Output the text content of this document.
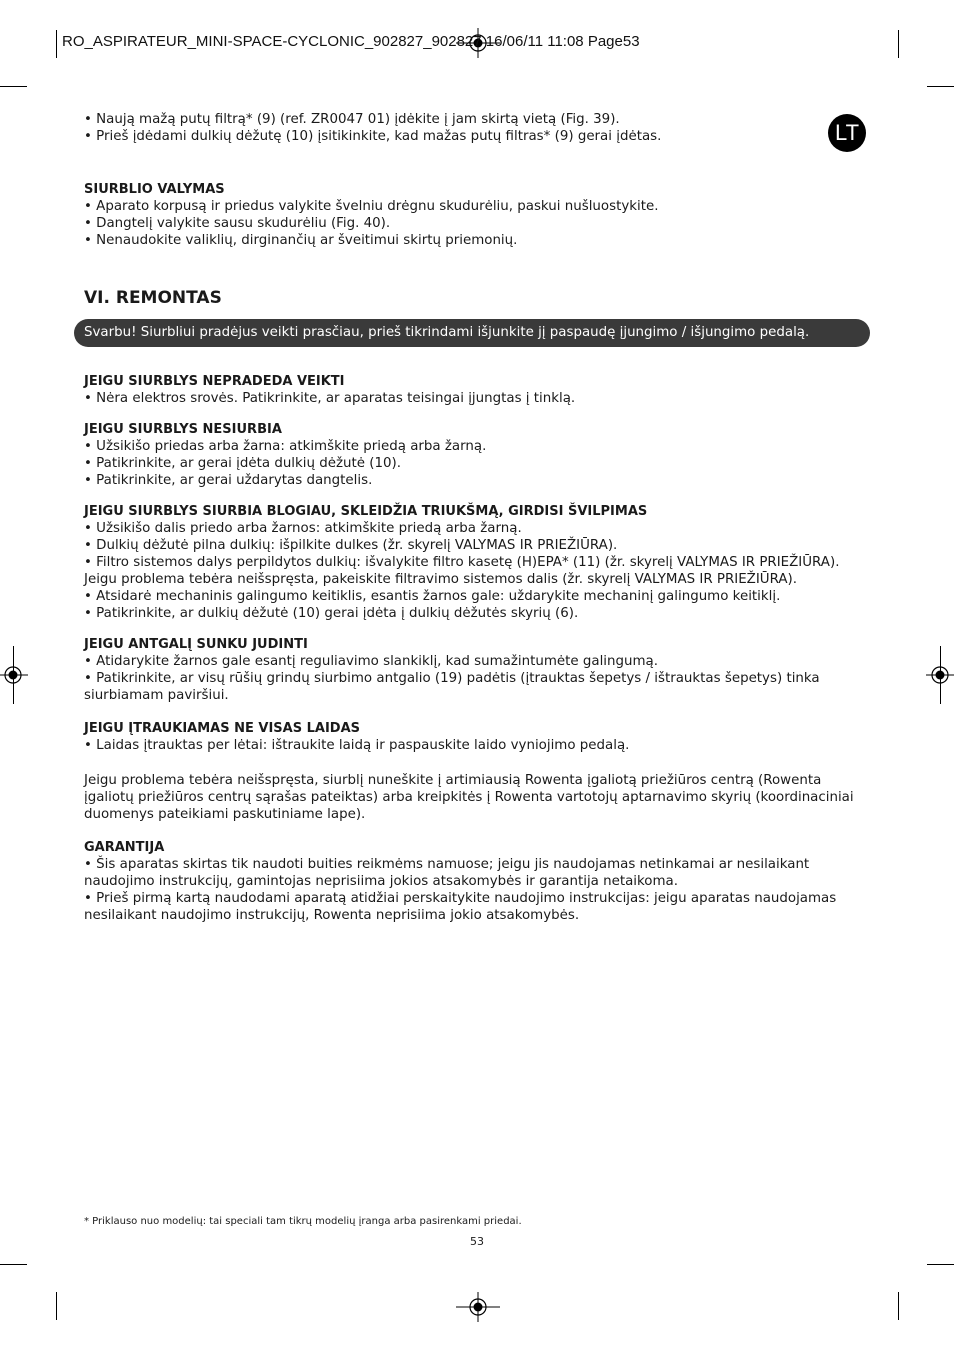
RO_ASPIRATEUR_MINI-SPACE-CYCLONIC_902827_902827 16/06/11 11:08 Page53
LT

• Naują mažą putų filtrą* (9) (ref. ZR0047 01) įdėkite į jam skirtą vietą (Fig. 39).

• Prieš įdėdami dulkių dėžutę (10) įsitikinkite, kad mažas putų filtras* (9) gerai įdėtas.

SIURBLIO VALYMAS

• Aparato korpusą ir priedus valykite švelniu drėgnu skudurėliu, paskui nušluostykite.

• Dangtelį valykite sausu skudurėliu (Fig. 40).

• Nenaudokite valiklių, dirginančių ar šveitimui skirtų priemonių.

VI. REMONTAS

Svarbu! Siurbliui pradėjus veikti prasčiau, prieš tikrindami išjunkite jį paspaudę įjungimo / išjungimo pedalą.

JEIGU SIURBLYS NEPRADEDA VEIKTI

• Nėra elektros srovės. Patikrinkite, ar aparatas teisingai įjungtas į tinklą.

JEIGU SIURBLYS NESIURBIA

• Užsikišo priedas arba žarna: atkimškite priedą arba žarną.

• Patikrinkite, ar gerai įdėta dulkių dėžutė (10).

• Patikrinkite, ar gerai uždarytas dangtelis.

JEIGU SIURBLYS SIURBIA BLOGIAU, SKLEIDŽIA TRIUKŠMĄ, GIRDISI ŠVILPIMAS

• Užsikišo dalis priedo arba žarnos: atkimškite priedą arba žarną.

• Dulkių dėžutė pilna dulkių: išpilkite dulkes (žr. skyrelį VALYMAS IR PRIEŽIŪRA).

• Filtro sistemos dalys perpildytos dulkių: išvalykite filtro kasetę (H)EPA* (11) (žr. skyrelį VALYMAS IR PRIEŽIŪRA). Jeigu problema tebėra neišspręsta, pakeiskite filtravimo sistemos dalis (žr. skyrelį VALYMAS IR PRIEŽIŪRA).

• Atsidarė mechaninis galingumo keitiklis, esantis žarnos gale: uždarykite mechaninį galingumo keitiklį.

• Patikrinkite, ar dulkių dėžutė (10) gerai įdėta į dulkių dėžutės skyrių (6).

JEIGU ANTGALĮ SUNKU JUDINTI

• Atidarykite žarnos gale esantį reguliavimo slankiklį, kad sumažintumėte galingumą.

• Patikrinkite, ar visų rūšių grindų siurbimo antgalio (19) padėtis (įtrauktas šepetys / ištrauktas šepetys) tinka siurbiamam paviršiui.

JEIGU ĮTRAUKIAMAS NE VISAS LAIDAS

• Laidas įtrauktas per lėtai: ištraukite laidą ir paspauskite laido vyniojimo pedalą.

Jeigu problema tebėra neišspręsta, siurblį nuneškite į artimiausią Rowenta įgaliotą priežiūros centrą (Rowenta įgaliotų priežiūros centrų sąrašas pateiktas) arba kreipkitės į Rowenta vartotojų aptarnavimo skyrių (koordinaciniai duomenys pateikiami paskutiniame lape).

GARANTIJA

• Šis aparatas skirtas tik naudoti buities reikmėms namuose; jeigu jis naudojamas netinkamai ar nesilaikant naudojimo instrukcijų, gamintojas neprisiima jokios atsakomybės ir garantija netaikoma.

• Prieš pirmą kartą naudodami aparatą atidžiai perskaitykite naudojimo instrukcijas: jeigu aparatas naudojamas nesilaikant naudojimo instrukcijų, Rowenta neprisiima jokio atsakomybės.

* Priklauso nuo modelių: tai speciali tam tikrų modelių įranga arba pasirenkami priedai.
53
